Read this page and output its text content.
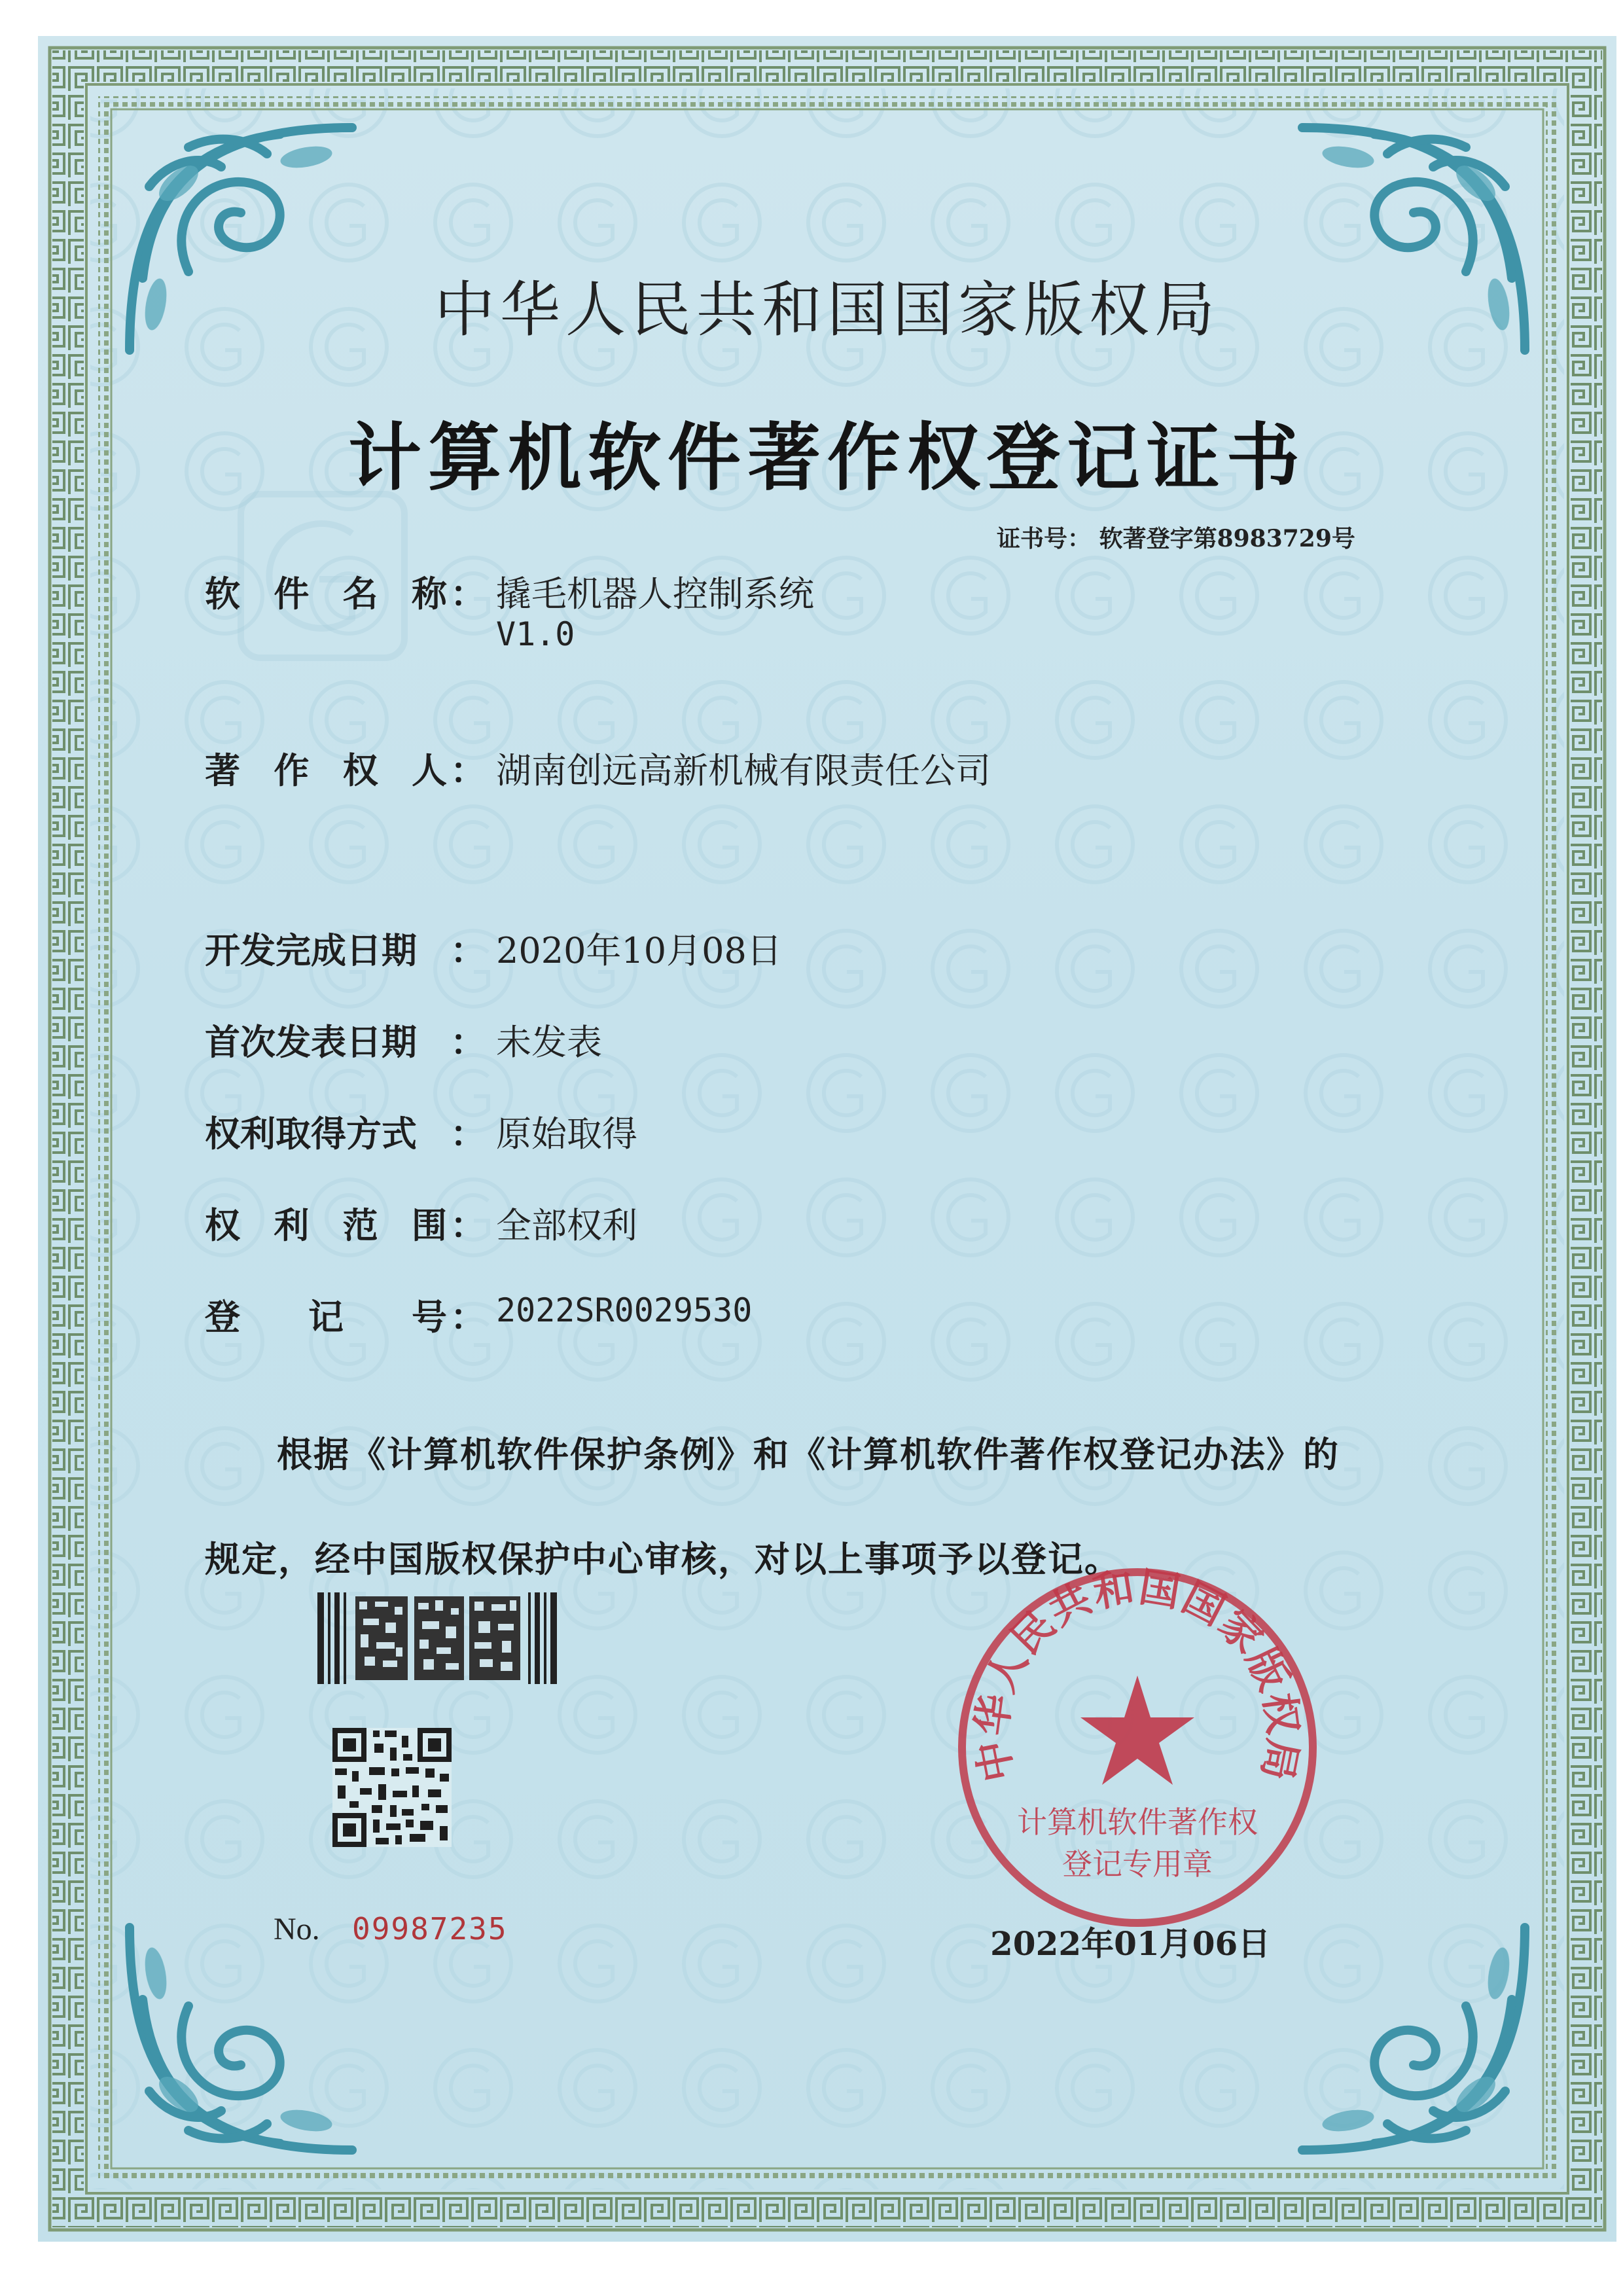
中华人民共和国国家版权局
计算机软件著作权登记证书
证书号： 软著登字第8983729号
软 件 名 称 ： 撬毛机器人控制系统
V1.0
著 作 权 人 ： 湖南创远高新机械有限责任公司
开发完成日期 ： 2020年10月08日
首次发表日期 ： 未发表
权利取得方式 ： 原始取得
权 利 范 围 ： 全部权利
登 记 号 ： 2022SR0029530
根据《计算机软件保护条例》和《计算机软件著作权登记办法》的
规定，经中国版权保护中心审核，对以上事项予以登记。
No. 09987235	2022年01月06日
中华人民共和国国家版权局
计算机软件著作权
登记专用章
